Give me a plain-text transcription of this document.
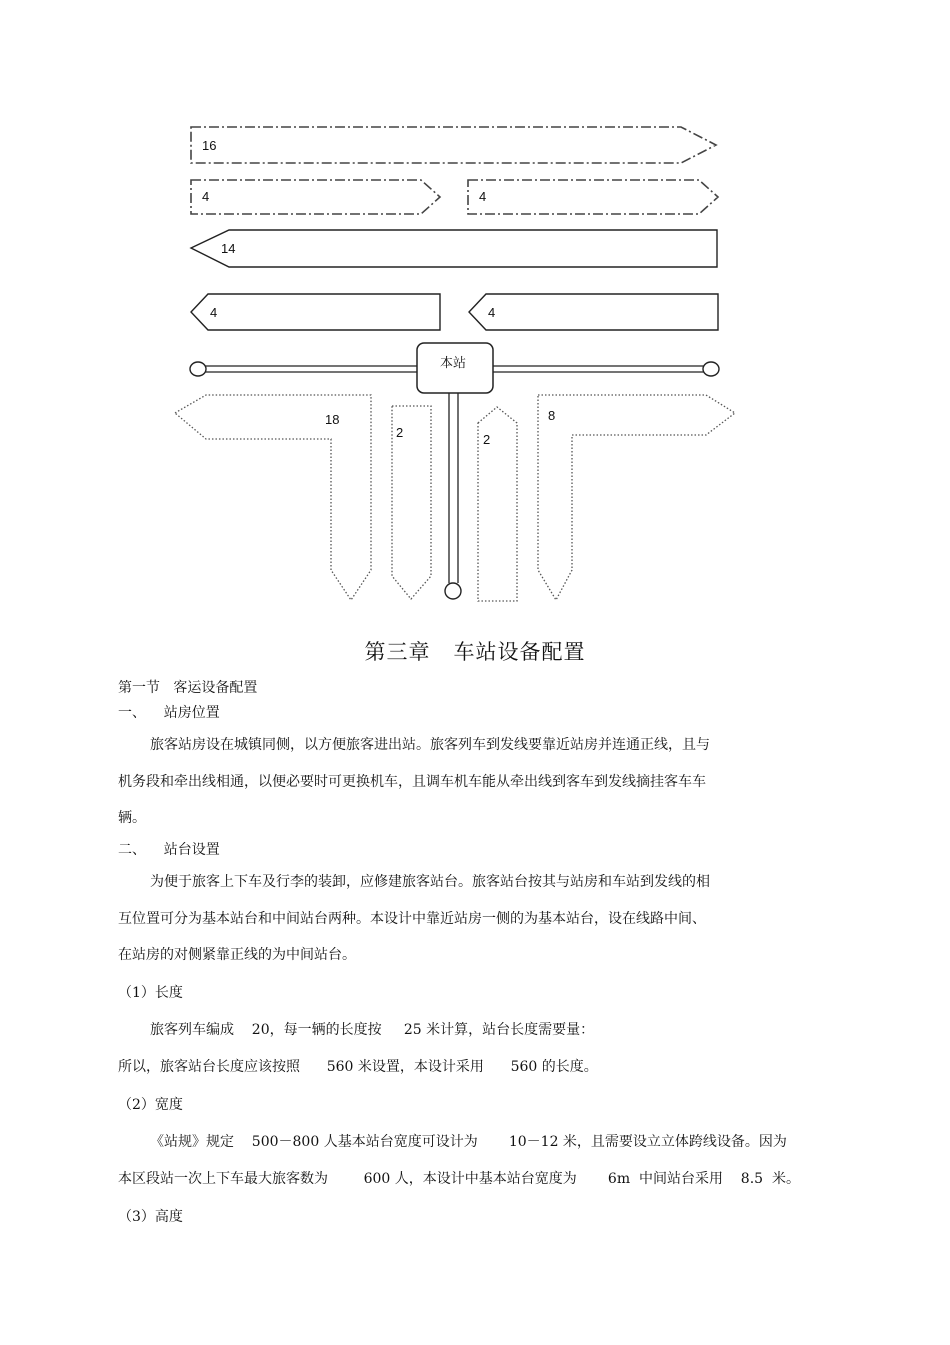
16
4	4
14
4	4
本站
18
2	2
8
第三章   车站设备配置
第一节   客运设备配置
一、    站房位置
旅客站房设在城镇同侧，以方便旅客进出站。旅客列车到发线要靠近站房并连通正线，且与
机务段和牵出线相通，以便必要时可更换机车，且调车机车能从牵出线到客车到发线摘挂客车车
辆。
二、    站台设置
为便于旅客上下车及行李的装卸，应修建旅客站台。旅客站台按其与站房和车站到发线的相
互位置可分为基本站台和中间站台两种。本设计中靠近站房一侧的为基本站台，设在线路中间、
在站房的对侧紧靠正线的为中间站台。
（1）长度
旅客列车编成    20，每一辆的长度按     25 米计算，站台长度需要量：
所以，旅客站台长度应该按照      560 米设置，本设计采用      560 的长度。
（2）宽度
《站规》规定    500－800 人基本站台宽度可设计为       10－12 米，且需要设立立体跨线设备。因为
本区段站一次上下车最大旅客数为        600 人，本设计中基本站台宽度为       6m  中间站台采用    8.5  米。
（3）高度
